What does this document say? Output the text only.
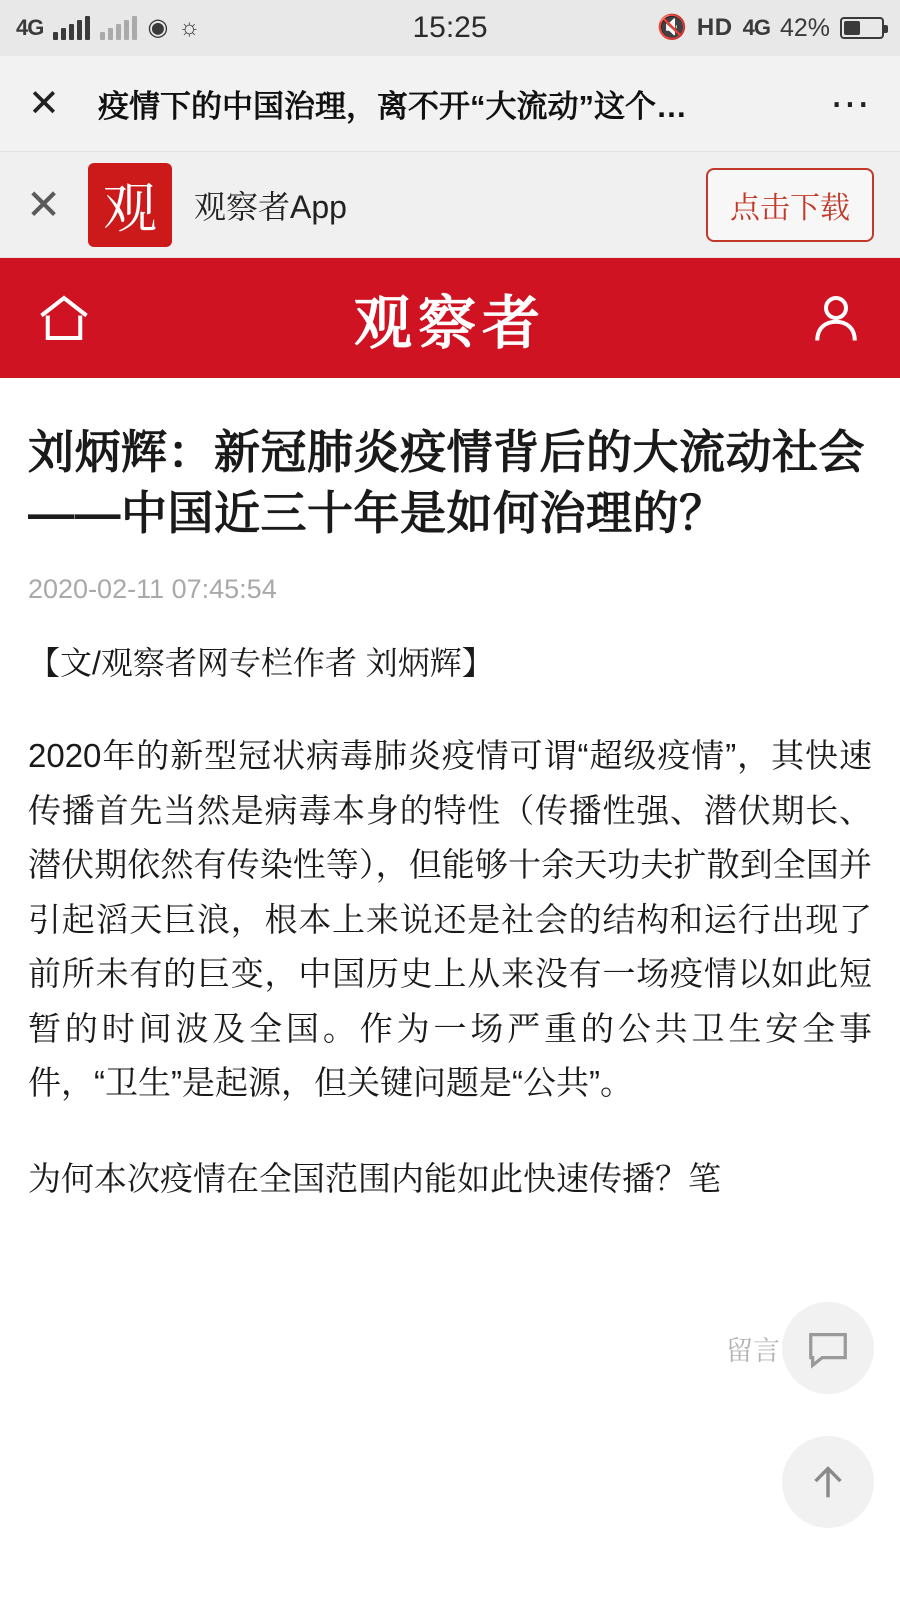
4G	◉ ☼	15:25	🔇 HD 4G 42%
✕	疫情下的中国治理，离不开“大流动”这个…	⋯
✕ 观	观察者App	点击下载
观察者
刘炳辉：新冠肺炎疫情背后的大流动社会——中国近三十年是如何治理的？
2020-02-11 07:45:54
【文/观察者网专栏作者 刘炳辉】

2020年的新型冠状病毒肺炎疫情可谓“超级疫情”，其快速传播首先当然是病毒本身的特性（传播性强、潜伏期长、潜伏期依然有传染性等），但能够十余天功夫扩散到全国并引起滔天巨浪，根本上来说还是社会的结构和运行出现了前所未有的巨变，中国历史上从来没有一场疫情以如此短暂的时间波及全国。作为一场严重的公共卫生安全事件，“卫生”是起源，但关键问题是“公共”。

为何本次疫情在全国范围内能如此快速传播？笔

留言
